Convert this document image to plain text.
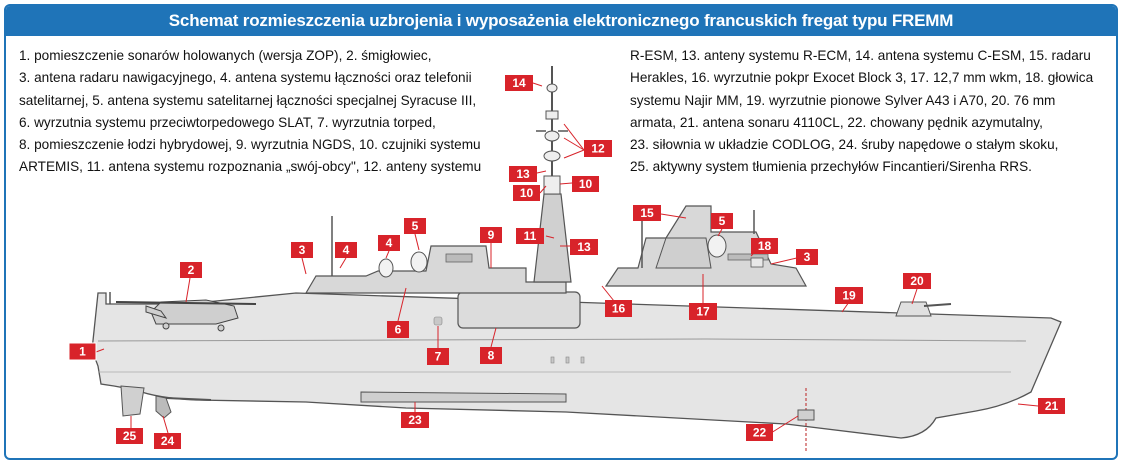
Schemat rozmieszczenia uzbrojenia i wyposażenia elektronicznego francuskich fregat typu FREMM
1. pomieszczenie sonarów holowanych (wersja ZOP), 2. śmigłowiec,
3. antena radaru nawigacyjnego, 4. antena systemu łączności oraz telefonii
satelitarnej, 5. antena systemu satelitarnej łączności specjalnej Syracuse III,
6. wyrzutnia systemu przeciwtorpedowego SLAT, 7. wyrzutnia torped,
8. pomieszczenie łodzi hybrydowej, 9. wyrzutnia NGDS, 10. czujniki systemu
ARTEMIS, 11. antena systemu rozpoznania „swój-obcy", 12. anteny systemu
R-ESM, 13. anteny systemu R-ECM, 14. antena systemu C-ESM, 15. radaru
Herakles, 16. wyrzutnie pokpr Exocet Block 3, 17. 12,7 mm wkm, 18. głowica
systemu Najir MM, 19. wyrzutnie pionowe Sylver A43 i A70, 20. 76 mm
armata, 21. antena sonaru 4110CL, 22. chowany pędnik azymutalny,
23. siłownia w układzie CODLOG, 24. śruby napędowe o stałym skoku,
25. aktywny system tłumienia przechyłów Fincantieri/Sirenha RRS.
1
2
3	4	4
5
6
7	8
9
10
10
11
12
13
13
14
15
5
16	17
18
3
19
20
21
22
23
24
25
